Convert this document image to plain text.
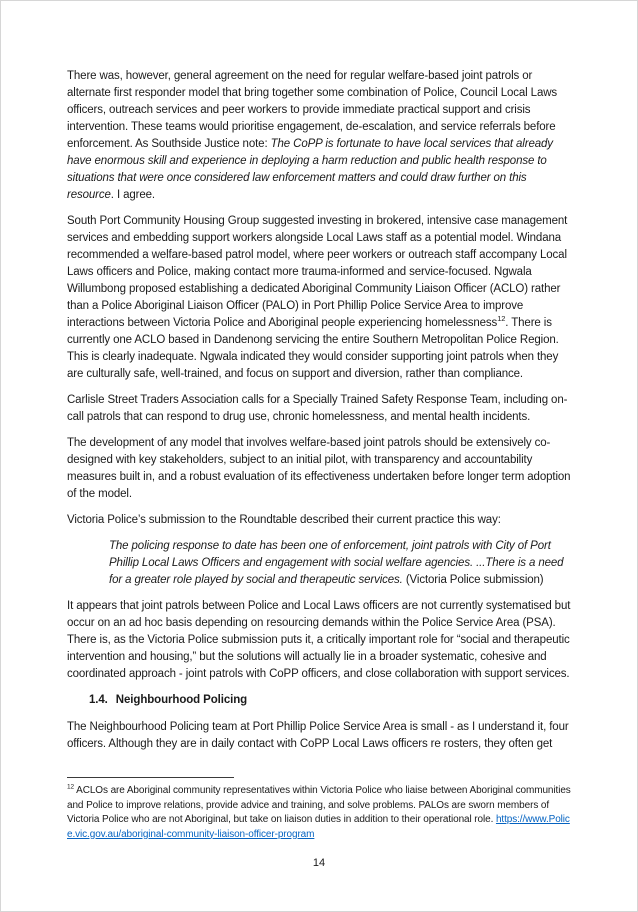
There was, however, general agreement on the need for regular welfare-based joint patrols or alternate first responder model that bring together some combination of Police, Council Local Laws officers, outreach services and peer workers to provide immediate practical support and crisis intervention. These teams would prioritise engagement, de-escalation, and service referrals before enforcement. As Southside Justice note: The CoPP is fortunate to have local services that already have enormous skill and experience in deploying a harm reduction and public health response to situations that were once considered law enforcement matters and could draw further on this resource. I agree.

South Port Community Housing Group suggested investing in brokered, intensive case management services and embedding support workers alongside Local Laws staff as a potential model. Windana recommended a welfare-based patrol model, where peer workers or outreach staff accompany Local Laws officers and Police, making contact more trauma-informed and service-focused. Ngwala Willumbong proposed establishing a dedicated Aboriginal Community Liaison Officer (ACLO) rather than a Police Aboriginal Liaison Officer (PALO) in Port Phillip Police Service Area to improve interactions between Victoria Police and Aboriginal people experiencing homelessness$^{12}$. There is currently one ACLO based in Dandenong servicing the entire Southern Metropolitan Police Region. This is clearly inadequate. Ngwala indicated they would consider supporting joint patrols when they are culturally safe, well-trained, and focus on support and diversion, rather than compliance.

Carlisle Street Traders Association calls for a Specially Trained Safety Response Team, including on-call patrols that can respond to drug use, chronic homelessness, and mental health incidents.

The development of any model that involves welfare-based joint patrols should be extensively co-designed with key stakeholders, subject to an initial pilot, with transparency and accountability measures built in, and a robust evaluation of its effectiveness undertaken before longer term adoption of the model.

Victoria Police’s submission to the Roundtable described their current practice this way:

The policing response to date has been one of enforcement, joint patrols with City of Port Phillip Local Laws Officers and engagement with social welfare agencies. ...There is a need for a greater role played by social and therapeutic services. (Victoria Police submission)

It appears that joint patrols between Police and Local Laws officers are not currently systematised but occur on an ad hoc basis depending on resourcing demands within the Police Service Area (PSA). There is, as the Victoria Police submission puts it, a critically important role for “social and therapeutic intervention and housing,” but the solutions will actually lie in a broader systematic, cohesive and coordinated approach - joint patrols with CoPP officers, and close collaboration with support services.

1.4. Neighbourhood Policing

The Neighbourhood Policing team at Port Phillip Police Service Area is small - as I understand it, four officers. Although they are in daily contact with CoPP Local Laws officers re rosters, they often get

$^{12}$ ACLOs are Aboriginal community representatives within Victoria Police who liaise between Aboriginal communities and Police to improve relations, provide advice and training, and solve problems. PALOs are sworn members of Victoria Police who are not Aboriginal, but take on liaison duties in addition to their operational role. https://www.Police.vic.gov.au/aboriginal-community-liaison-officer-program

14
